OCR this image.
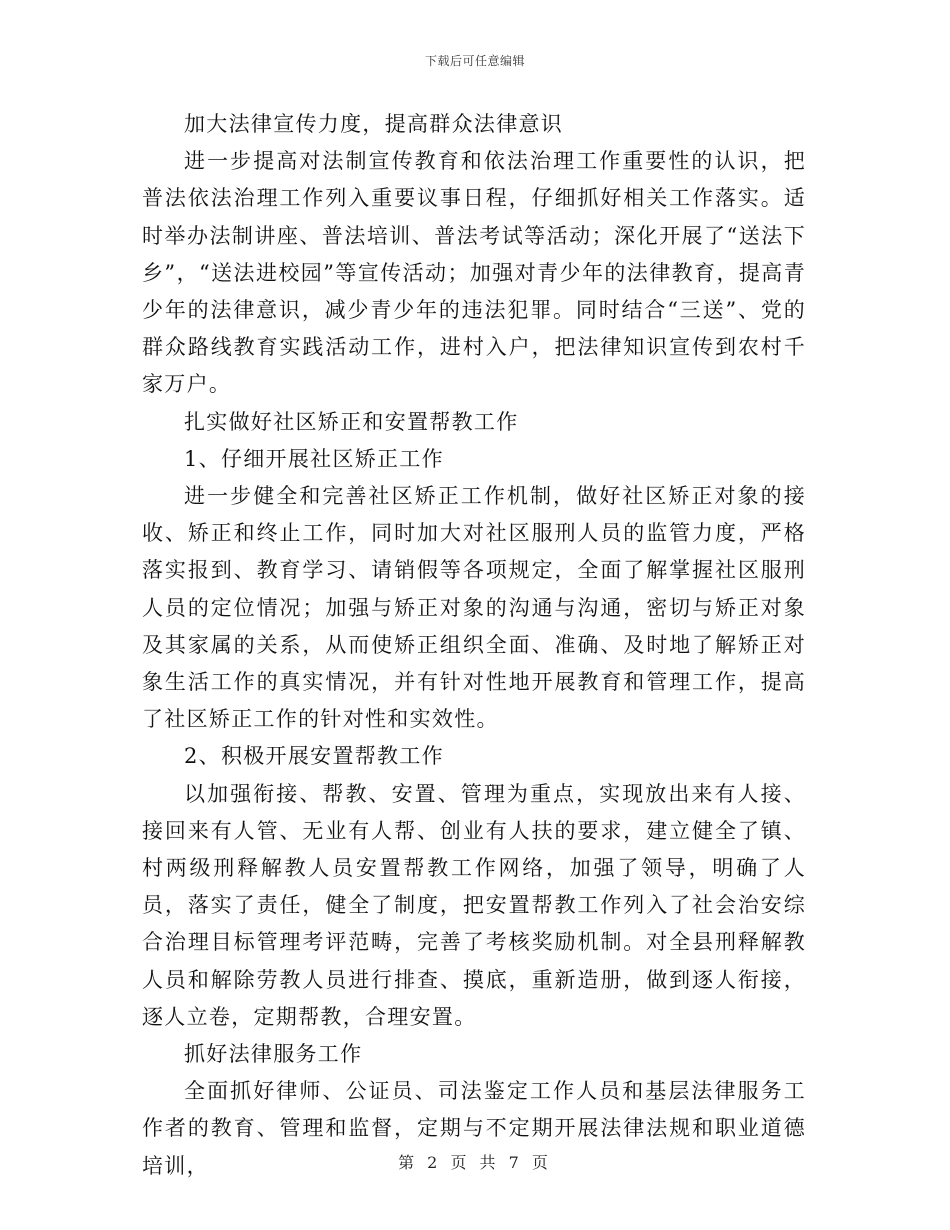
下载后可任意编辑

加大法律宣传力度，提高群众法律意识

进一步提高对法制宣传教育和依法治理工作重要性的认识，把普法依法治理工作列入重要议事日程，仔细抓好相关工作落实。适时举办法制讲座、普法培训、普法考试等活动；深化开展了“送法下乡”，“送法进校园”等宣传活动；加强对青少年的法律教育，提高青少年的法律意识，减少青少年的违法犯罪。同时结合“三送”、党的群众路线教育实践活动工作，进村入户，把法律知识宣传到农村千家万户。

扎实做好社区矫正和安置帮教工作

1、仔细开展社区矫正工作

进一步健全和完善社区矫正工作机制，做好社区矫正对象的接收、矫正和终止工作，同时加大对社区服刑人员的监管力度，严格落实报到、教育学习、请销假等各项规定，全面了解掌握社区服刑人员的定位情况；加强与矫正对象的沟通与沟通，密切与矫正对象及其家属的关系，从而使矫正组织全面、准确、及时地了解矫正对象生活工作的真实情况，并有针对性地开展教育和管理工作，提高了社区矫正工作的针对性和实效性。

2、积极开展安置帮教工作

以加强衔接、帮教、安置、管理为重点，实现放出来有人接、接回来有人管、无业有人帮、创业有人扶的要求，建立健全了镇、村两级刑释解教人员安置帮教工作网络，加强了领导，明确了人员，落实了责任，健全了制度，把安置帮教工作列入了社会治安综合治理目标管理考评范畴，完善了考核奖励机制。对全县刑释解教人员和解除劳教人员进行排查、摸底，重新造册，做到逐人衔接，逐人立卷，定期帮教，合理安置。

抓好法律服务工作

全面抓好律师、公证员、司法鉴定工作人员和基层法律服务工作者的教育、管理和监督，定期与不定期开展法律法规和职业道德培训，	第 2 页 共 7 页
